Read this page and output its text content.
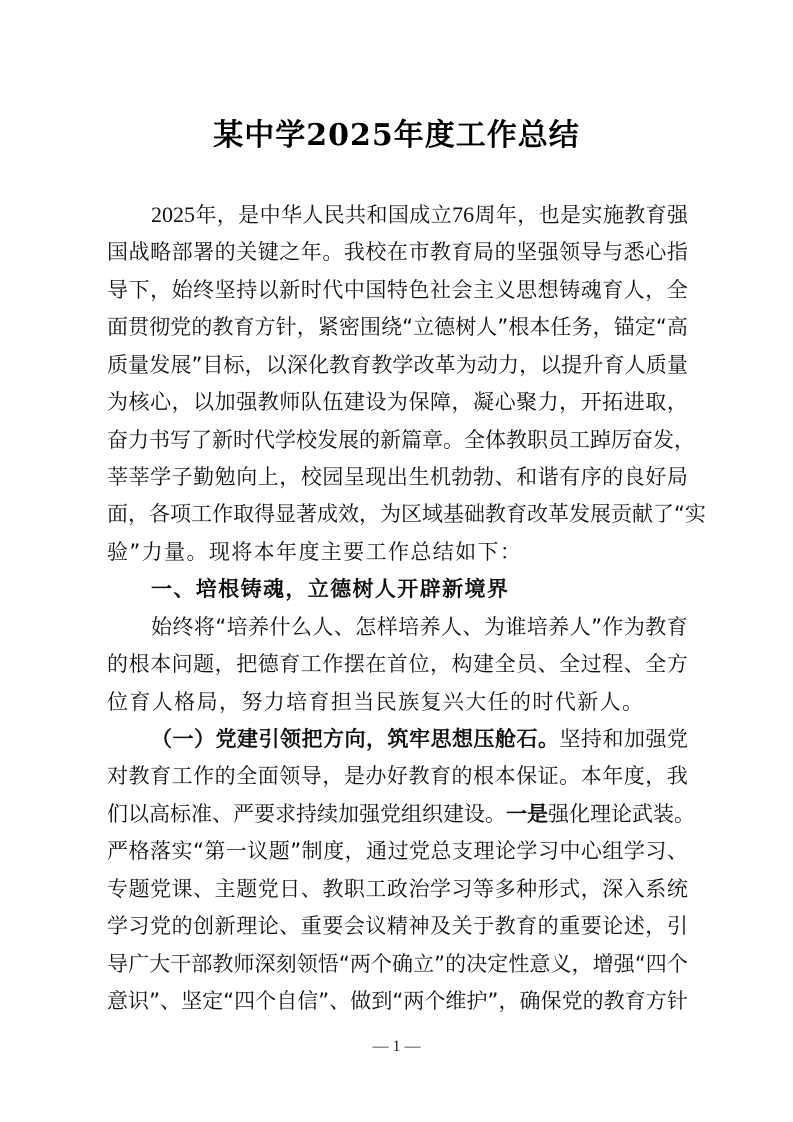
某中学2025年度工作总结
2025 年 ， 是 中 华 人 民 共 和 国 成 立 76 周 年 ， 也 是 实 施 教 育 强
国 战 略 部 署 的 关 键 之 年 。 我 校 在 市 教 育 局 的 坚 强 领 导 与 悉 心 指
导 下 ， 始 终 坚 持 以 新 时 代 中 国 特 色 社 会 主 义 思 想 铸 魂 育 人 ， 全
面 贯 彻 党 的 教 育 方 针 ， 紧 密 围 绕 “ 立 德 树 人 ” 根 本 任 务 ， 锚 定 “ 高
质 量 发 展 ” 目 标 ， 以 深 化 教 育 教 学 改 革 为 动 力 ， 以 提 升 育 人 质 量
为 核 心 ， 以 加 强 教 师 队 伍 建 设 为 保 障 ， 凝 心 聚 力 ， 开 拓 进 取 ，
奋 力 书 写 了 新 时 代 学 校 发 展 的 新 篇 章 。 全 体 教 职 员 工 踔 厉 奋 发 ，
莘 莘 学 子 勤 勉 向 上 ， 校 园 呈 现 出 生 机 勃 勃 、 和 谐 有 序 的 良 好 局
面 ， 各 项 工 作 取 得 显 著 成 效 ， 为 区 域 基 础 教 育 改 革 发 展 贡 献 了 “ 实
验 ” 力 量 。 现 将 本 年 度 主 要 工 作 总 结 如 下 ：
一 、 培 根 铸 魂 ， 立 德 树 人 开 辟 新 境 界
始 终 将 “ 培 养 什 么 人 、 怎 样 培 养 人 、 为 谁 培 养 人 ” 作 为 教 育
的 根 本 问 题 ， 把 德 育 工 作 摆 在 首 位 ， 构 建 全 员 、 全 过 程 、 全 方
位 育 人 格 局 ， 努 力 培 育 担 当 民 族 复 兴 大 任 的 时 代 新 人 。
（ 一 ） 党 建 引 领 把 方 向 ， 筑 牢 思 想 压 舱 石 。 坚 持 和 加 强 党
对 教 育 工 作 的 全 面 领 导 ， 是 办 好 教 育 的 根 本 保 证 。 本 年 度 ， 我
们 以 高 标 准 、 严 要 求 持 续 加 强 党 组 织 建 设 。 一 是 强 化 理 论 武 装 。
严 格 落 实 “ 第 一 议 题 ” 制 度 ， 通 过 党 总 支 理 论 学 习 中 心 组 学 习 、
专 题 党 课 、 主 题 党 日 、 教 职 工 政 治 学 习 等 多 种 形 式 ， 深 入 系 统
学 习 党 的 创 新 理 论 、 重 要 会 议 精 神 及 关 于 教 育 的 重 要 论 述 ， 引
导 广 大 干 部 教 师 深 刻 领 悟 “ 两 个 确 立 ” 的 决 定 性 意 义 ， 增 强 “ 四 个
意 识 ” 、 坚 定 “ 四 个 自 信 ” 、 做 到 “ 两 个 维 护 ” ， 确 保 党 的 教 育 方 针
— 1 —
